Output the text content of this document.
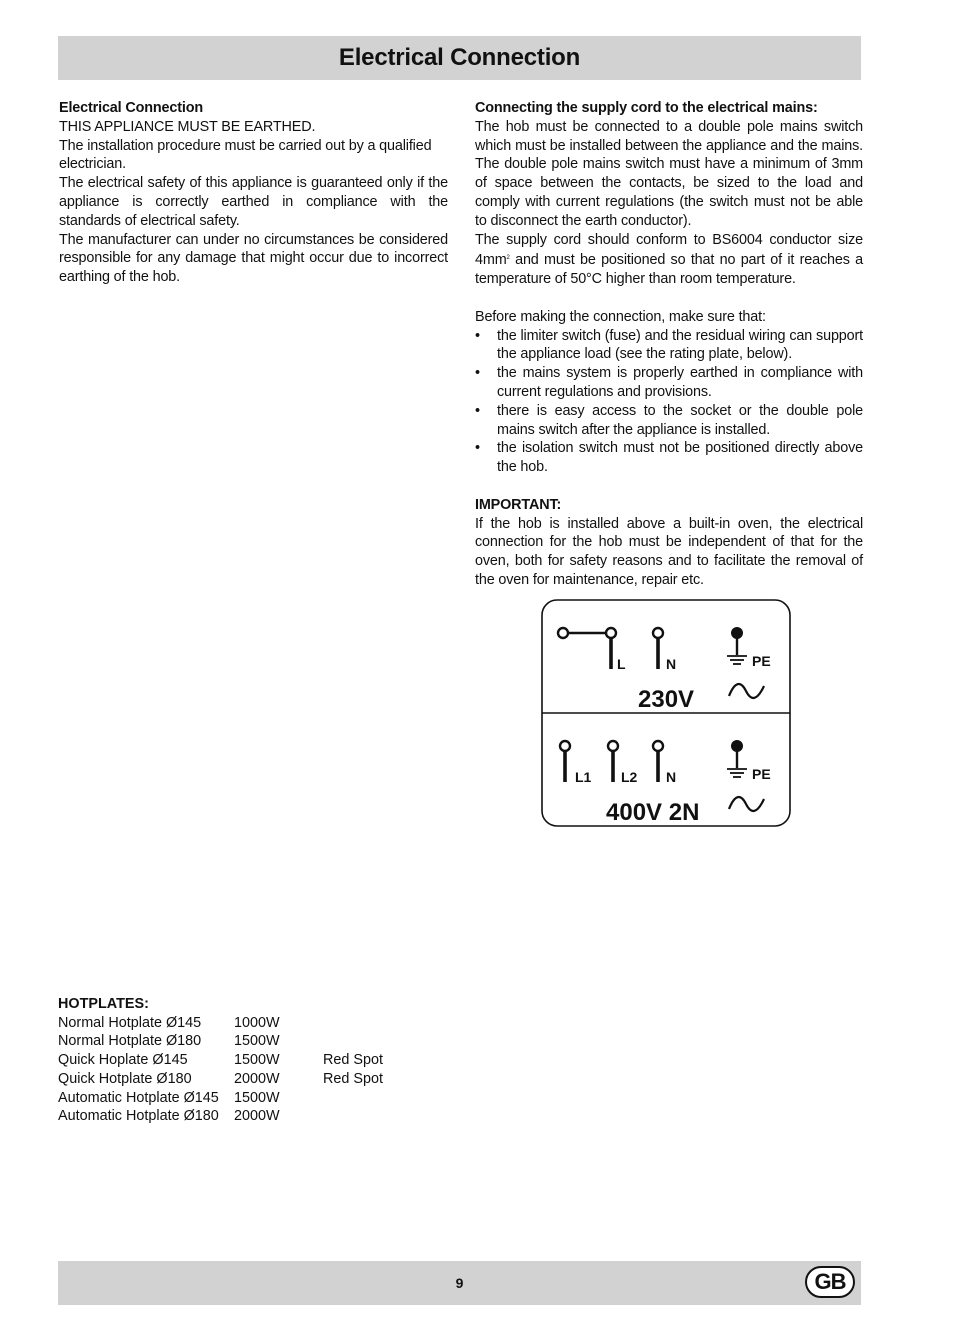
Electrical Connection

Electrical Connection

THIS APPLIANCE MUST BE EARTHED.

The installation procedure must be carried out by a qualified electrician.

The electrical safety of this appliance is guaranteed only if the appliance is correctly earthed in compliance with the standards of electrical safety.

The manufacturer can under no circumstances be considered responsible for any damage that might occur due to incorrect earthing of the hob.

Connecting the supply cord to the electrical mains:

The hob must be connected to a double pole mains switch which must be installed between the appliance and the mains. The double pole mains switch must have a minimum of 3mm of space between the contacts, be sized to the load and comply with current regulations (the switch must not be able to disconnect the earth conductor).

The supply cord should conform to BS6004 conductor size $4mm^2$ and must be positioned so that no part of it reaches a temperature of 50°C higher than room temperature.

Before making the connection, make sure that:

• the limiter switch (fuse) and the residual wiring can support the appliance load (see the rating plate, below).
• the mains system is properly earthed in compliance with current regulations and provisions.
• there is easy access to the socket or the double pole mains switch after the appliance is installed.
• the isolation switch must not be positioned directly above the hob.

IMPORTANT:

If the hob is installed above a built-in oven, the electrical connection for the hob must be independent of that for the oven, both for safety reasons and to facilitate the removal of the oven for maintenance, repair etc.

L	N	PE
230V
L1 L2 N	PE
400V 2N
HOTPLATES:
Normal Hotplate Ø145	1000W	
Normal Hotplate Ø180	1500W	
Quick Hoplate Ø145	1500W	Red Spot
Quick Hotplate Ø180	2000W	Red Spot
Automatic Hotplate Ø145	1500W	
Automatic Hotplate Ø180	2000W	
9	GB
